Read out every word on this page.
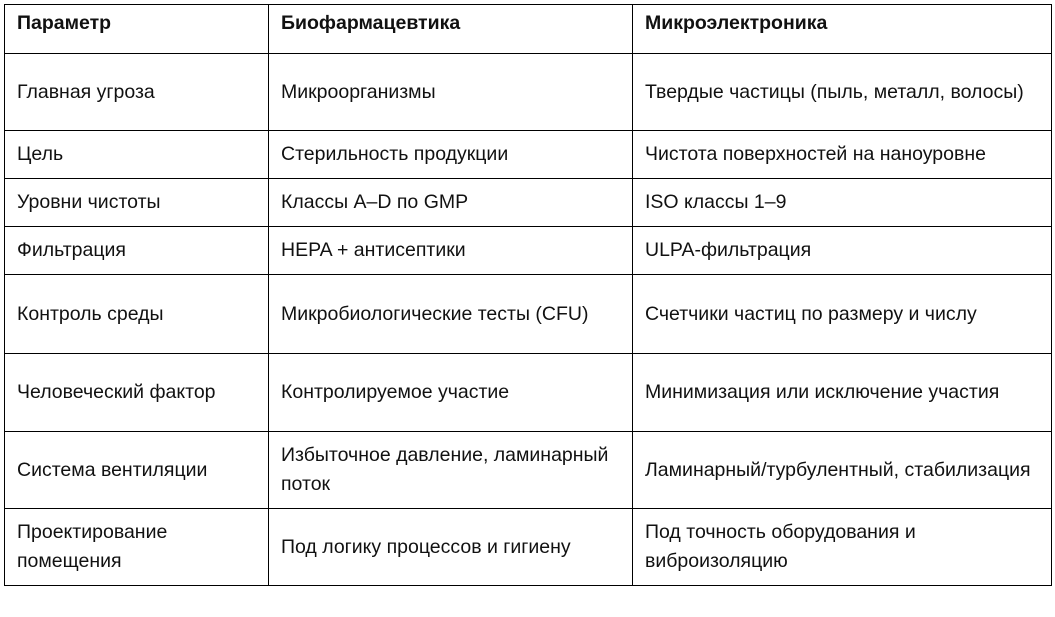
Параметр	Биофармацевтика	Микроэлектроника
Главная угроза	Микроорганизмы	Твердые частицы (пыль, металл, волосы)
Цель	Стерильность продукции	Чистота поверхностей на наноуровне
Уровни чистоты	Классы A–D по GMP	ISO классы 1–9
Фильтрация	HEPA + антисептики	ULPA-фильтрация
Контроль среды	Микробиологические тесты (CFU)	Счетчики частиц по размеру и числу
Человеческий фактор	Контролируемое участие	Минимизация или исключение участия
Система вентиляции	Избыточное давление, ламинарный поток	Ламинарный/турбулентный, стабилизация
Проектирование помещения	Под логику процессов и гигиену	Под точность оборудования и виброизоляцию
